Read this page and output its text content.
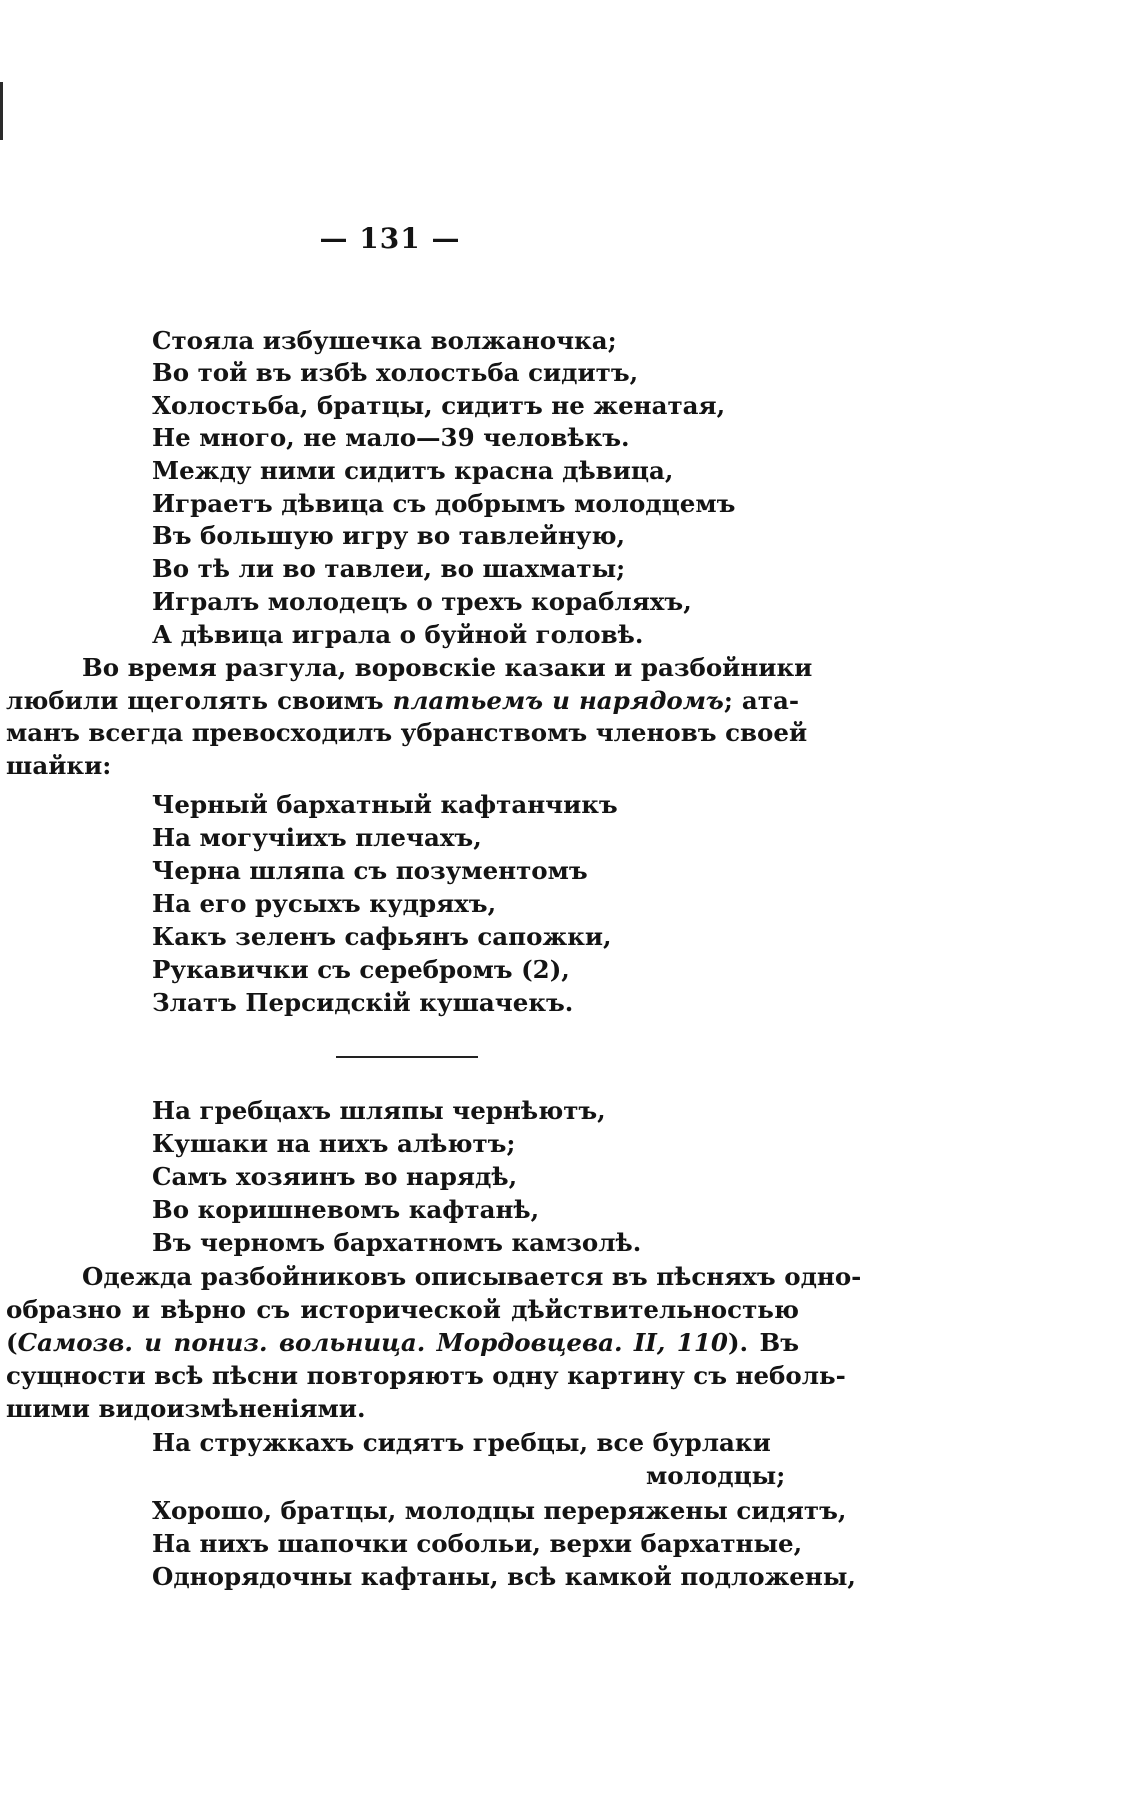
— 131 —
Стояла избушечка волжаночка;
Во той въ избѣ холостьба сидитъ,
Холостьба, братцы, сидитъ не женатая,
Не много, не мало—39 человѣкъ.
Между ними сидитъ красна дѣвица,
Играетъ дѣвица съ добрымъ молодцемъ
Въ большую игру во тавлейную,
Во тѣ ли во тавлеи, во шахматы;
Игралъ молодецъ о трехъ корабляхъ,
А дѣвица играла о буйной головѣ.
Во время разгула, воровскіе казаки и разбойники
любили щеголять своимъ платьемъ и нарядомъ; ата-
манъ всегда превосходилъ убранствомъ членовъ своей
шайки:
Черный бархатный кафтанчикъ
На могучіихъ плечахъ,
Черна шляпа съ позументомъ
На его русыхъ кудряхъ,
Какъ зеленъ сафьянъ сапожки,
Рукавички съ серебромъ (2),
Златъ Персидскій кушачекъ.
На гребцахъ шляпы чернѣютъ,
Кушаки на нихъ алѣютъ;
Самъ хозяинъ во нарядѣ,
Во коришневомъ кафтанѣ,
Въ черномъ бархатномъ камзолѣ.
Одежда разбойниковъ описывается въ пѣсняхъ одно-
образно и вѣрно съ исторической дѣйствительностью
(Самозв. и пониз. вольница. Мордовцева. II, 110). Въ
сущности всѣ пѣсни повторяютъ одну картину съ неболь-
шими видоизмѣненіями.
На стружкахъ сидятъ гребцы, все бурлаки
молодцы;
Хорошо, братцы, молодцы переряжены сидятъ,
На нихъ шапочки собольи, верхи бархатные,
Однорядочны кафтаны, всѣ камкой подложены,
